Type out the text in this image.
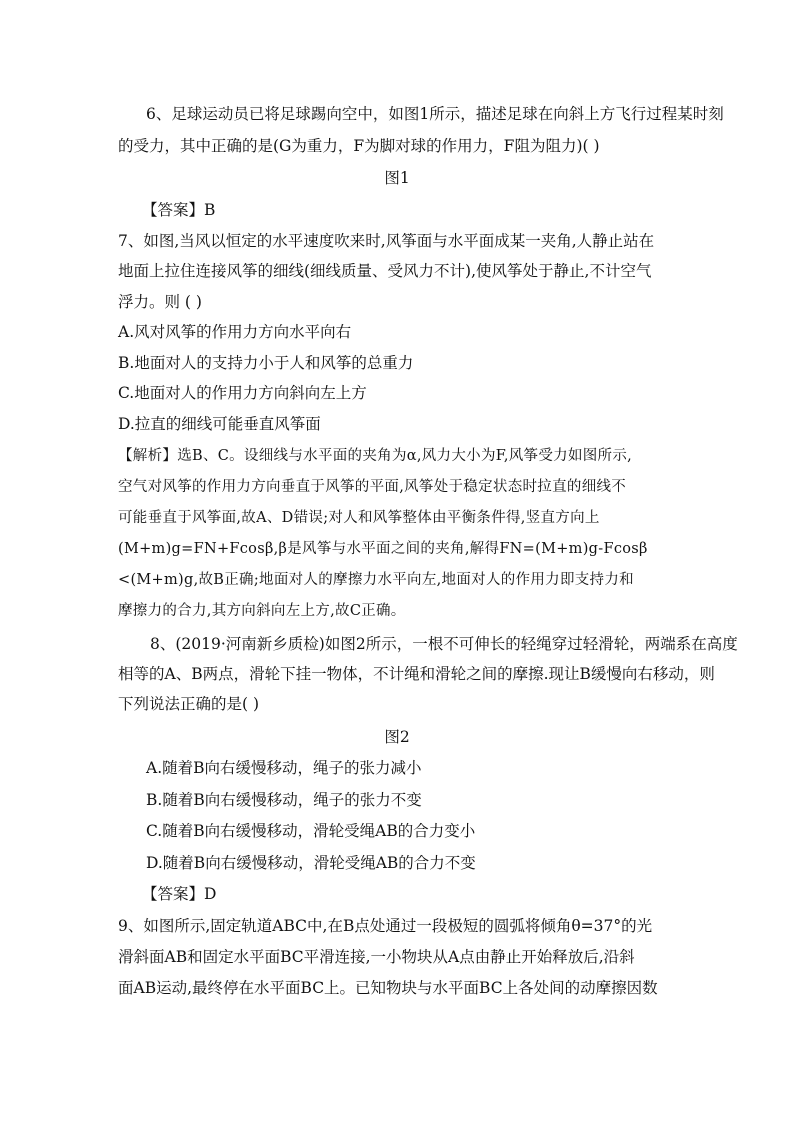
6、足球运动员已将足球踢向空中，如图1所示，描述足球在向斜上方飞行过程某时刻
的受力，其中正确的是(G为重力，F为脚对球的作用力，F阻为阻力)( )
图1
【答案】B
7、如图,当风以恒定的水平速度吹来时,风筝面与水平面成某一夹角,人静止站在
地面上拉住连接风筝的细线(细线质量、受风力不计),使风筝处于静止,不计空气
浮力。则 ( )
A.风对风筝的作用力方向水平向右
B.地面对人的支持力小于人和风筝的总重力
C.地面对人的作用力方向斜向左上方
D.拉直的细线可能垂直风筝面
【解析】选B、C。设细线与水平面的夹角为α,风力大小为F,风筝受力如图所示,
空气对风筝的作用力方向垂直于风筝的平面,风筝处于稳定状态时拉直的细线不
可能垂直于风筝面,故A、D错误;对人和风筝整体由平衡条件得,竖直方向上
(M+m)g=FN+Fcosβ,β是风筝与水平面之间的夹角,解得FN=(M+m)g-Fcosβ
<(M+m)g,故B正确;地面对人的摩擦力水平向左,地面对人的作用力即支持力和
摩擦力的合力,其方向斜向左上方,故C正确。
8、(2019·河南新乡质检)如图2所示，一根不可伸长的轻绳穿过轻滑轮，两端系在高度
相等的A、B两点，滑轮下挂一物体，不计绳和滑轮之间的摩擦.现让B缓慢向右移动，则
下列说法正确的是( )
图2
A.随着B向右缓慢移动，绳子的张力减小
B.随着B向右缓慢移动，绳子的张力不变
C.随着B向右缓慢移动，滑轮受绳AB的合力变小
D.随着B向右缓慢移动，滑轮受绳AB的合力不变
【答案】D
9、如图所示,固定轨道ABC中,在B点处通过一段极短的圆弧将倾角θ=37°的光
滑斜面AB和固定水平面BC平滑连接,一小物块从A点由静止开始释放后,沿斜
面AB运动,最终停在水平面BC上。已知物块与水平面BC上各处间的动摩擦因数
